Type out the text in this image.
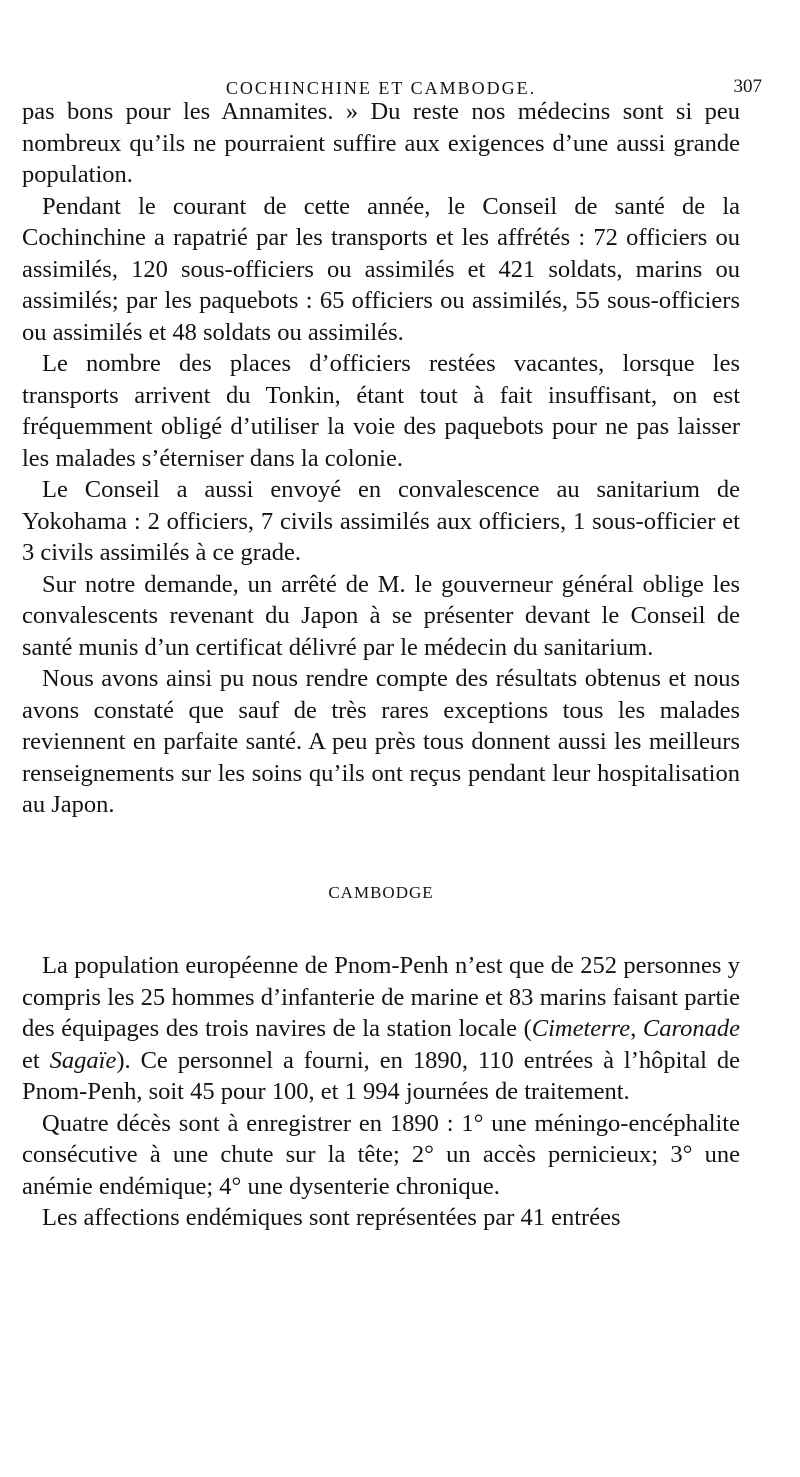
COCHINCHINE ET CAMBODGE.	307

pas bons pour les Annamites. » Du reste nos médecins sont si peu nombreux qu’ils ne pourraient suffire aux exigences d’une aussi grande population.

Pendant le courant de cette année, le Conseil de santé de la Cochinchine a rapatrié par les transports et les affrétés : 72 officiers ou assimilés, 120 sous-officiers ou assimilés et 421 soldats, marins ou assimilés; par les paquebots : 65 officiers ou assimilés, 55 sous-officiers ou assimilés et 48 soldats ou assimilés.

Le nombre des places d’officiers restées vacantes, lorsque les transports arrivent du Tonkin, étant tout à fait insuffisant, on est fréquemment obligé d’utiliser la voie des paquebots pour ne pas laisser les malades s’éterniser dans la colonie.

Le Conseil a aussi envoyé en convalescence au sanitarium de Yokohama : 2 officiers, 7 civils assimilés aux officiers, 1 sous-officier et 3 civils assimilés à ce grade.

Sur notre demande, un arrêté de M. le gouverneur général oblige les convalescents revenant du Japon à se présenter devant le Conseil de santé munis d’un certificat délivré par le médecin du sanitarium.

Nous avons ainsi pu nous rendre compte des résultats obtenus et nous avons constaté que sauf de très rares exceptions tous les malades reviennent en parfaite santé. A peu près tous donnent aussi les meilleurs renseignements sur les soins qu’ils ont reçus pendant leur hospitalisation au Japon.

CAMBODGE

La population européenne de Pnom-Penh n’est que de 252 personnes y compris les 25 hommes d’infanterie de marine et 83 marins faisant partie des équipages des trois navires de la station locale (Cimeterre, Caronade et Sagaïe). Ce personnel a fourni, en 1890, 110 entrées à l’hôpital de Pnom-Penh, soit 45 pour 100, et 1 994 journées de traitement.

Quatre décès sont à enregistrer en 1890 : 1° une méningo-encéphalite consécutive à une chute sur la tête; 2° un accès pernicieux; 3° une anémie endémique; 4° une dysenterie chronique.

Les affections endémiques sont représentées par 41 entrées
